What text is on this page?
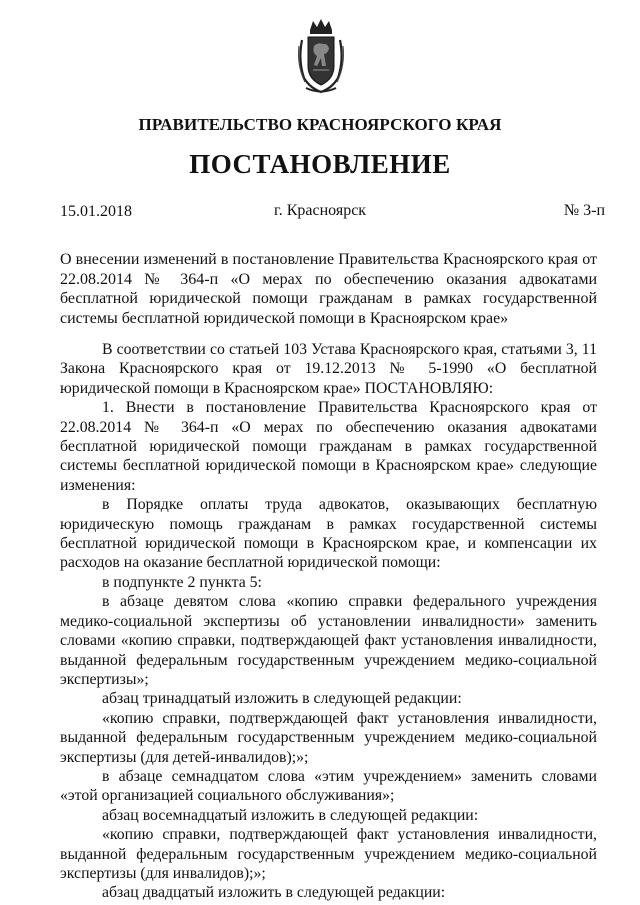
ПРАВИТЕЛЬСТВО КРАСНОЯРСКОГО КРАЯ
ПОСТАНОВЛЕНИЕ
15.01.2018	г. Красноярск	№ 3-п
О внесении изменений в постановление Правительства Красноярского края от 22.08.2014 № 364-п «О мерах по обеспечению оказания адвокатами бесплатной юридической помощи гражданам в рамках государственной системы бесплатной юридической помощи в Красноярском крае»

В соответствии со статьей 103 Устава Красноярского края, статьями 3, 11 Закона Красноярского края от 19.12.2013 № 5-1990 «О бесплатной юридической помощи в Красноярском крае» ПОСТАНОВЛЯЮ:

1. Внести в постановление Правительства Красноярского края от 22.08.2014 № 364-п «О мерах по обеспечению оказания адвокатами бесплатной юридической помощи гражданам в рамках государственной системы бесплатной юридической помощи в Красноярском крае» следующие изменения:

в Порядке оплаты труда адвокатов, оказывающих бесплатную юридическую помощь гражданам в рамках государственной системы бесплатной юридической помощи в Красноярском крае, и компенсации их расходов на оказание бесплатной юридической помощи:

в подпункте 2 пункта 5:

в абзаце девятом слова «копию справки федерального учреждения медико-социальной экспертизы об установлении инвалидности» заменить словами «копию справки, подтверждающей факт установления инвалидности, выданной федеральным государственным учреждением медико-социальной экспертизы»;

абзац тринадцатый изложить в следующей редакции:

«копию справки, подтверждающей факт установления инвалидности, выданной федеральным государственным учреждением медико-социальной экспертизы (для детей-инвалидов);»;

в абзаце семнадцатом слова «этим учреждением» заменить словами «этой организацией социального обслуживания»;

абзац восемнадцатый изложить в следующей редакции:

«копию справки, подтверждающей факт установления инвалидности, выданной федеральным государственным учреждением медико-социальной экспертизы (для инвалидов);»;

абзац двадцатый изложить в следующей редакции:
